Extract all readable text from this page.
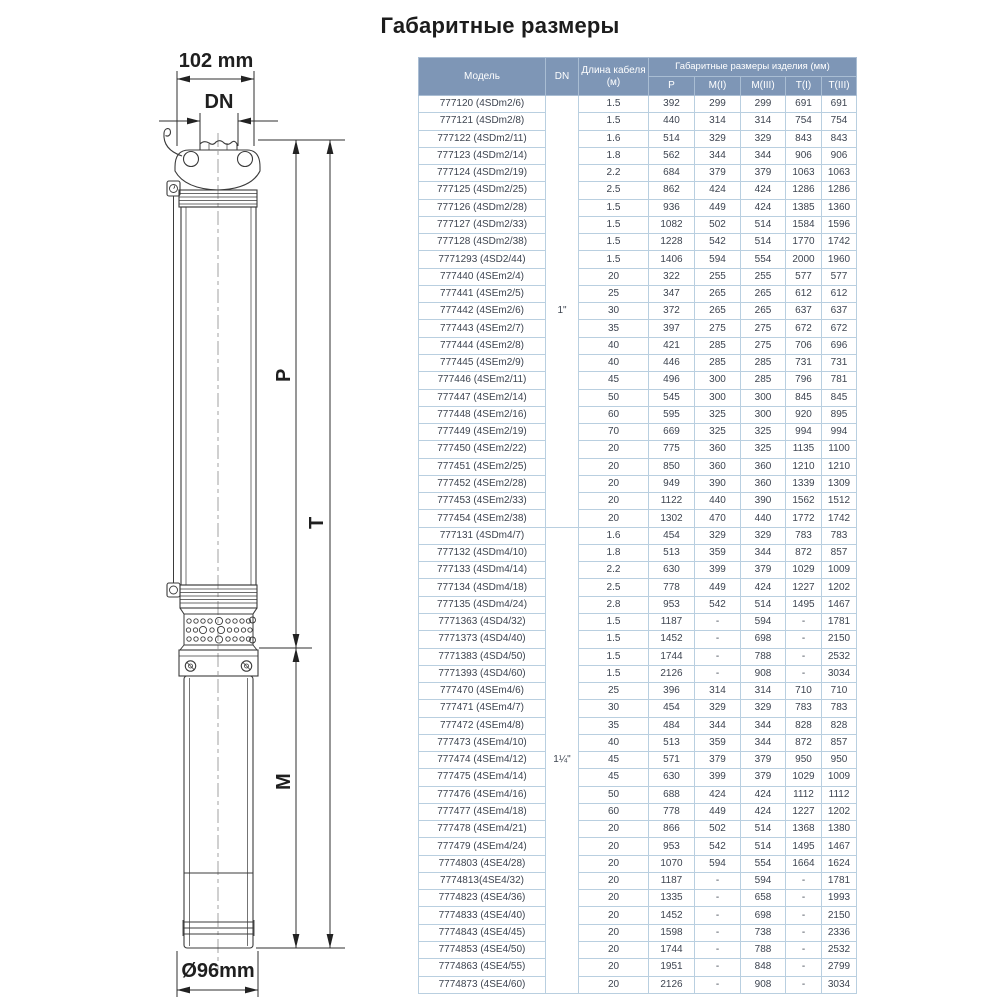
Габаритные размеры
102 mm
DN
P
M
T
Ø96mm
Модель	DN	Длина кабеля (м)	Габаритные размеры изделия (мм)				
			P	M(I)	M(III)	T(I)	T(III)
777120 (4SDm2/6)	1"	1.5	392	299	299	691	691
777121 (4SDm2/8)		1.5	440	314	314	754	754
777122 (4SDm2/11)		1.6	514	329	329	843	843
777123 (4SDm2/14)		1.8	562	344	344	906	906
777124 (4SDm2/19)		2.2	684	379	379	1063	1063
777125 (4SDm2/25)		2.5	862	424	424	1286	1286
777126 (4SDm2/28)		1.5	936	449	424	1385	1360
777127 (4SDm2/33)		1.5	1082	502	514	1584	1596
777128 (4SDm2/38)		1.5	1228	542	514	1770	1742
7771293 (4SD2/44)		1.5	1406	594	554	2000	1960
777440 (4SEm2/4)		20	322	255	255	577	577
777441 (4SEm2/5)		25	347	265	265	612	612
777442 (4SEm2/6)		30	372	265	265	637	637
777443 (4SEm2/7)		35	397	275	275	672	672
777444 (4SEm2/8)		40	421	285	275	706	696
777445 (4SEm2/9)		40	446	285	285	731	731
777446 (4SEm2/11)		45	496	300	285	796	781
777447 (4SEm2/14)		50	545	300	300	845	845
777448 (4SEm2/16)		60	595	325	300	920	895
777449 (4SEm2/19)		70	669	325	325	994	994
777450 (4SEm2/22)		20	775	360	325	1135	1100
777451 (4SEm2/25)		20	850	360	360	1210	1210
777452 (4SEm2/28)		20	949	390	360	1339	1309
777453 (4SEm2/33)		20	1122	440	390	1562	1512
777454 (4SEm2/38)		20	1302	470	440	1772	1742
777131 (4SDm4/7)	1¼"	1.6	454	329	329	783	783
777132 (4SDm4/10)		1.8	513	359	344	872	857
777133 (4SDm4/14)		2.2	630	399	379	1029	1009
777134 (4SDm4/18)		2.5	778	449	424	1227	1202
777135 (4SDm4/24)		2.8	953	542	514	1495	1467
7771363 (4SD4/32)		1.5	1187	-	594	-	1781
7771373 (4SD4/40)		1.5	1452	-	698	-	2150
7771383 (4SD4/50)		1.5	1744	-	788	-	2532
7771393 (4SD4/60)		1.5	2126	-	908	-	3034
777470 (4SEm4/6)		25	396	314	314	710	710
777471 (4SEm4/7)		30	454	329	329	783	783
777472 (4SEm4/8)		35	484	344	344	828	828
777473 (4SEm4/10)		40	513	359	344	872	857
777474 (4SEm4/12)		45	571	379	379	950	950
777475 (4SEm4/14)		45	630	399	379	1029	1009
777476 (4SEm4/16)		50	688	424	424	1112	1112
777477 (4SEm4/18)		60	778	449	424	1227	1202
777478 (4SEm4/21)		20	866	502	514	1368	1380
777479 (4SEm4/24)		20	953	542	514	1495	1467
7774803 (4SE4/28)		20	1070	594	554	1664	1624
7774813(4SE4/32)		20	1187	-	594	-	1781
7774823 (4SE4/36)		20	1335	-	658	-	1993
7774833 (4SE4/40)		20	1452	-	698	-	2150
7774843 (4SE4/45)		20	1598	-	738	-	2336
7774853 (4SE4/50)		20	1744	-	788	-	2532
7774863 (4SE4/55)		20	1951	-	848	-	2799
7774873 (4SE4/60)		20	2126	-	908	-	3034
